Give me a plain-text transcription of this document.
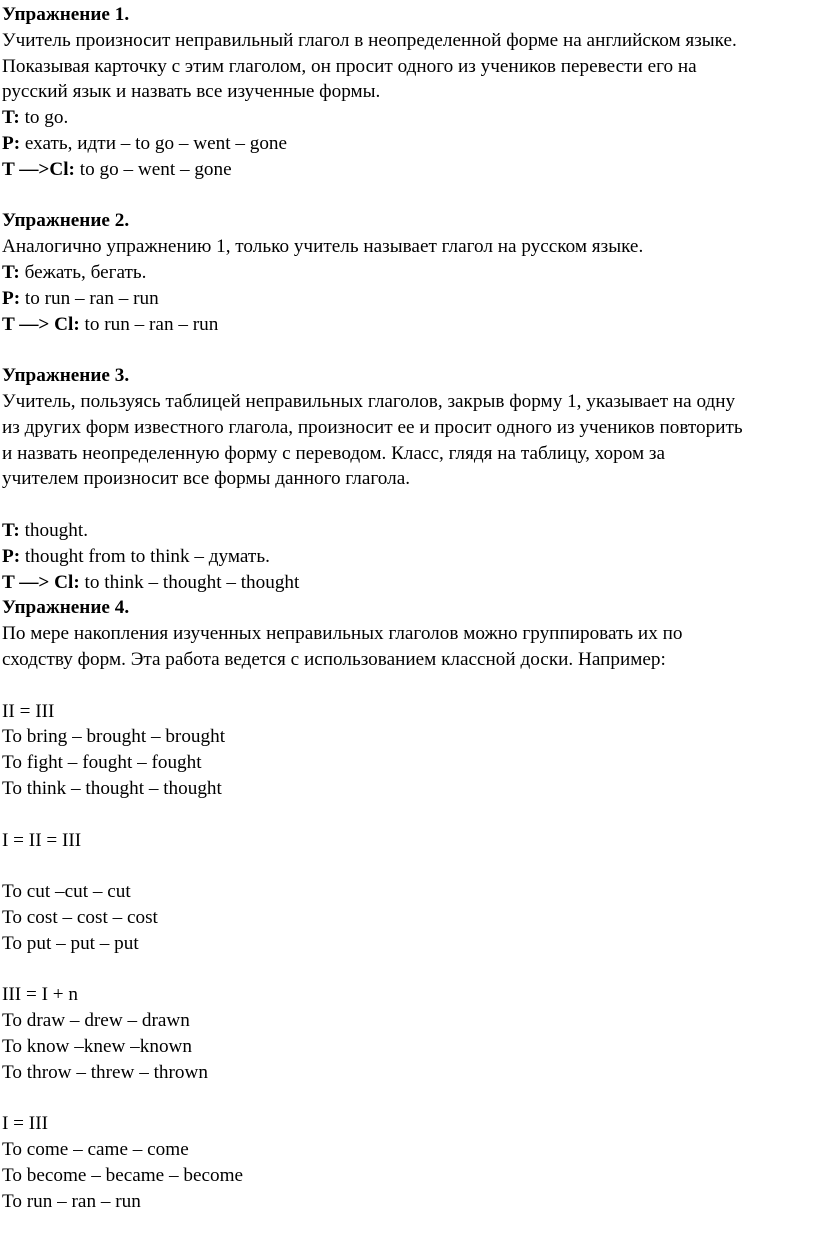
Упражнение 1.
Учитель произносит неправильный глагол в неопределенной форме на английском языке.
Показывая карточку с этим глаголом, он просит одного из учеников перевести его на
русский язык и назвать все изученные формы.
T: to go.
P: ехать, идти – to go – went – gone
T —>Cl: to go – went – gone
Упражнение 2.
Аналогично упражнению 1, только учитель называет глагол на русском языке.
T: бежать, бегать.
P: to run – ran – run
T —> Cl: to run – ran – run
Упражнение 3.
Учитель, пользуясь таблицей неправильных глаголов, закрыв форму 1, указывает на одну
из других форм известного глагола, произносит ее и просит одного из учеников повторить
и назвать неопределенную форму с переводом. Класс, глядя на таблицу, хором за
учителем произносит все формы данного глагола.
T: thought.
P: thought from to think – думать.
T —> Cl: to think – thought – thought
Упражнение 4.
По мере накопления изученных неправильных глаголов можно группировать их по
сходству форм. Эта работа ведется с использованием классной доски. Например:
II = III
To bring – brought – brought
To fight – fought – fought
To think – thought – thought
I = II = III
To cut –cut – cut
To cost – cost – cost
To put – put – put
III = I + n
To draw – drew – drawn
To know –knew –known
To throw – threw – thrown
I = III
To come – came – come
To become – became – become
To run – ran – run
